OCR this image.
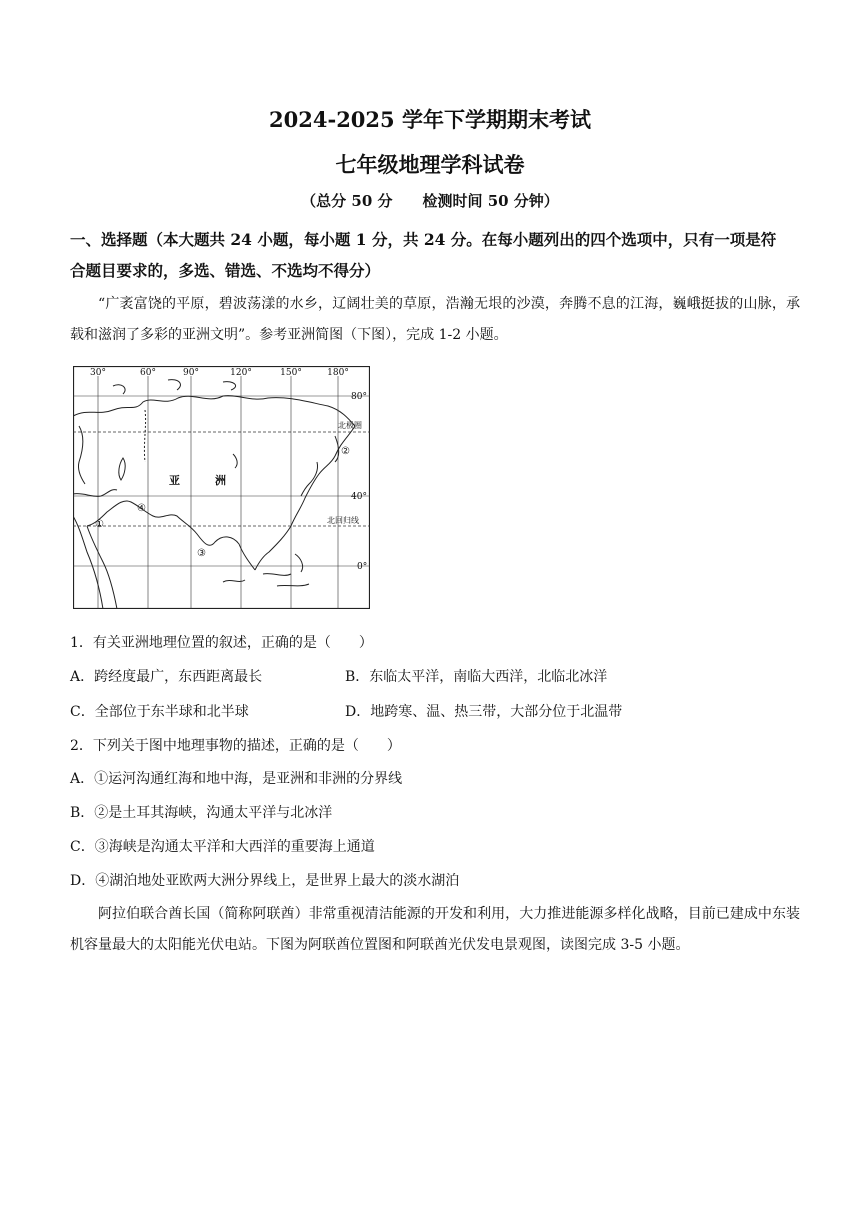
2024-2025 学年下学期期末考试
七年级地理学科试卷
（总分 50 分　　检测时间 50 分钟）
一、选择题（本大题共 24 小题，每小题 1 分，共 24 分。在每小题列出的四个选项中，只有一项是符合题目要求的，多选、错选、不选均不得分）
“广袤富饶的平原，碧波荡漾的水乡，辽阔壮美的草原，浩瀚无垠的沙漠，奔腾不息的江海，巍峨挺拔的山脉，承载和滋润了多彩的亚洲文明”。参考亚洲简图（下图），完成 1-2 小题。
30°	60°	90°	120°	150°	180°
80°
40°
0°
北极圈
北回归线
亚	洲
①
②
③
④
1．有关亚洲地理位置的叙述，正确的是（　　）
A．跨经度最广，东西距离最长	B．东临太平洋，南临大西洋，北临北冰洋
C．全部位于东半球和北半球	D．地跨寒、温、热三带，大部分位于北温带
2．下列关于图中地理事物的描述，正确的是（　　）
A．①运河沟通红海和地中海，是亚洲和非洲的分界线
B．②是土耳其海峡，沟通太平洋与北冰洋
C．③海峡是沟通太平洋和大西洋的重要海上通道
D．④湖泊地处亚欧两大洲分界线上，是世界上最大的淡水湖泊
阿拉伯联合酋长国（简称阿联酋）非常重视清洁能源的开发和利用，大力推进能源多样化战略，目前已建成中东装机容量最大的太阳能光伏电站。下图为阿联酋位置图和阿联酋光伏发电景观图，读图完成 3-5 小题。
